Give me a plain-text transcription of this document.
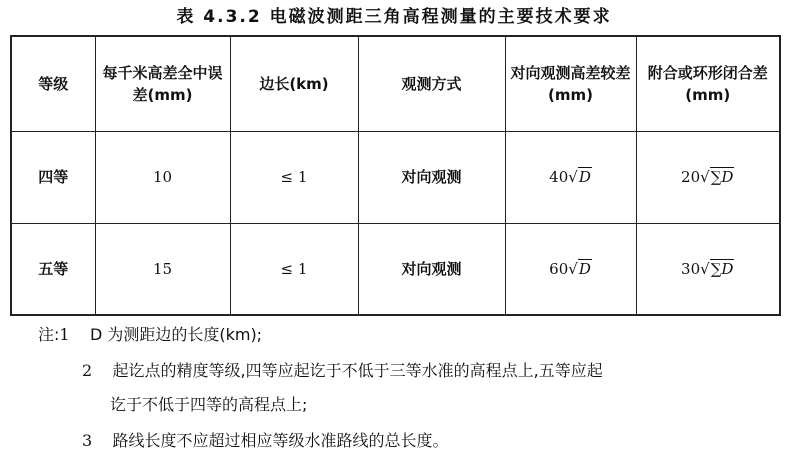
表 4.3.2 电磁波测距三角高程测量的主要技术要求
等级	每千米高差全中误差(mm)	边长(km)	观测方式	对向观测高差较差(mm)	附合或环形闭合差(mm)
四等	10	≤ 1	对向观测	40√D	20√∑D
五等	15	≤ 1	对向观测	60√D	30√∑D
注:1 D 为测距边的长度(km);
2 起讫点的精度等级,四等应起讫于不低于三等水准的高程点上,五等应起
讫于不低于四等的高程点上;
3 路线长度不应超过相应等级水准路线的总长度。
